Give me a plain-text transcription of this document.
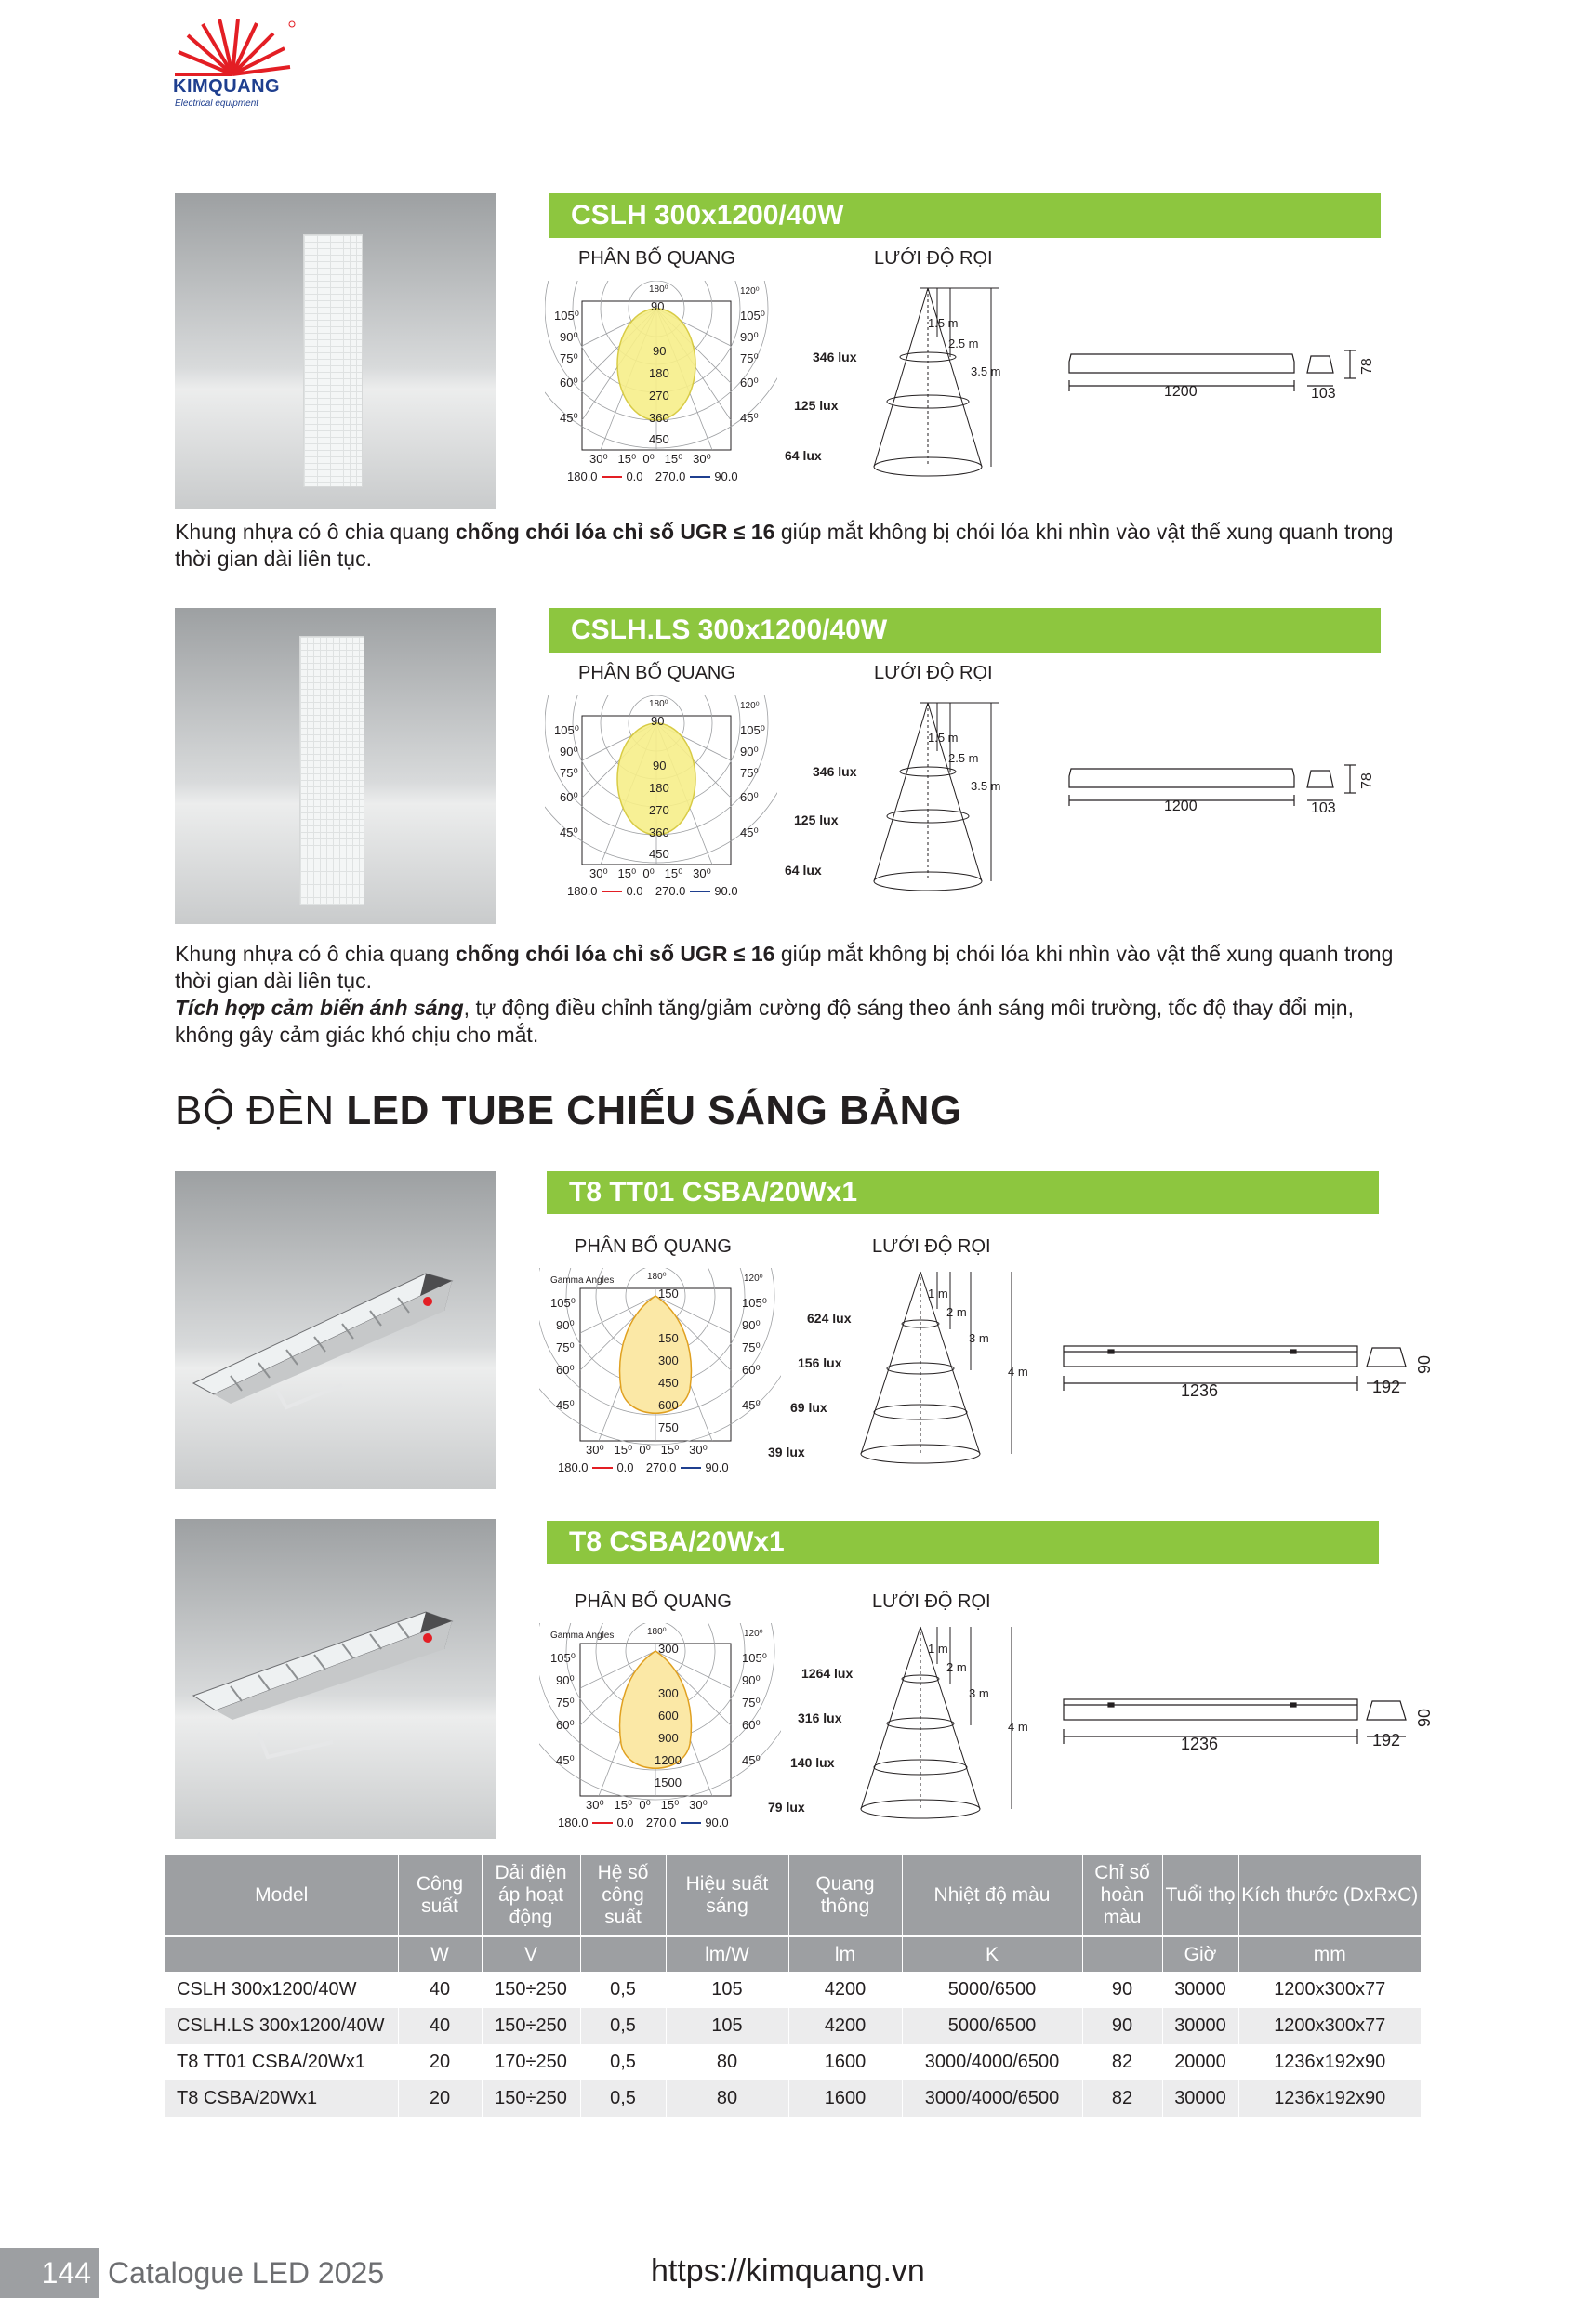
KIMQUANG
Electrical equipment
CSLH 300x1200/40W
PHÂN BỐ QUANG	LƯỚI ĐỘ RỌI
180⁰	120⁰
90
90
180
270
360
450
105⁰
90⁰
75⁰
60⁰
45⁰
105⁰
90⁰
75⁰
60⁰
45⁰
30⁰   15⁰  0⁰   15⁰   30⁰
180.0 0.0 270.0 90.0
346 lux
125 lux
64 lux
1.5 m
2.5 m
3.5 m
1200	103
78
Khung nhựa có ô chia quang chống chói lóa chỉ số UGR ≤ 16 giúp mắt không bị chói lóa khi nhìn vào vật thể xung quanh trong thời gian dài liên tục.
CSLH.LS 300x1200/40W
PHÂN BỐ QUANG	LƯỚI ĐỘ RỌI
180⁰	120⁰
90
90
180
270
360
450
105⁰
90⁰
75⁰
60⁰
45⁰
105⁰
90⁰
75⁰
60⁰
45⁰
30⁰   15⁰  0⁰   15⁰   30⁰
180.0 0.0 270.0 90.0
346 lux
125 lux
64 lux
1.5 m
2.5 m
3.5 m
1200	103
78
Khung nhựa có ô chia quang chống chói lóa chỉ số UGR ≤ 16 giúp mắt không bị chói lóa khi nhìn vào vật thể xung quanh trong thời gian dài liên tục.
Tích hợp cảm biến ánh sáng, tự động điều chỉnh tăng/giảm cường độ sáng theo ánh sáng môi trường, tốc độ thay đổi mịn, không gây cảm giác khó chịu cho mắt.
BỘ ĐÈN LED TUBE CHIẾU SÁNG BẢNG
T8 TT01 CSBA/20Wx1
PHÂN BỐ QUANG	LƯỚI ĐỘ RỌI
Gamma Angles	180⁰	120⁰
150
150
300
450
600
750
105⁰
90⁰
75⁰
60⁰
45⁰
105⁰
90⁰
75⁰
60⁰
45⁰
30⁰   15⁰  0⁰   15⁰   30⁰
180.0 0.0 270.0 90.0
624 lux
156 lux
69 lux
39 lux
1 m
2 m
3 m
4 m
1236	192
90
T8 CSBA/20Wx1
PHÂN BỐ QUANG	LƯỚI ĐỘ RỌI
Gamma Angles	180⁰	120⁰
300
300
600
900
1200
1500
105⁰
90⁰
75⁰
60⁰
45⁰
105⁰
90⁰
75⁰
60⁰
45⁰
30⁰   15⁰  0⁰   15⁰   30⁰
180.0 0.0 270.0 90.0
1264 lux
316 lux
140 lux
79 lux
1 m
2 m
3 m
4 m
1236	192
90
Model	Công suất	Dải điện áp hoạt động	Hệ số công suất	Hiệu suất sáng	Quang thông	Nhiệt độ màu	Chỉ số hoàn màu	Tuổi thọ	Kích thước (DxRxC)
	W	V		lm/W	lm	K		Giờ	mm
CSLH 300x1200/40W	40	150÷250	0,5	105	4200	5000/6500	90	30000	1200x300x77
CSLH.LS 300x1200/40W	40	150÷250	0,5	105	4200	5000/6500	90	30000	1200x300x77
T8 TT01 CSBA/20Wx1	20	170÷250	0,5	80	1600	3000/4000/6500	82	20000	1236x192x90
T8 CSBA/20Wx1	20	150÷250	0,5	80	1600	3000/4000/6500	82	30000	1236x192x90
144 Catalogue LED 2025	https://kimquang.vn
